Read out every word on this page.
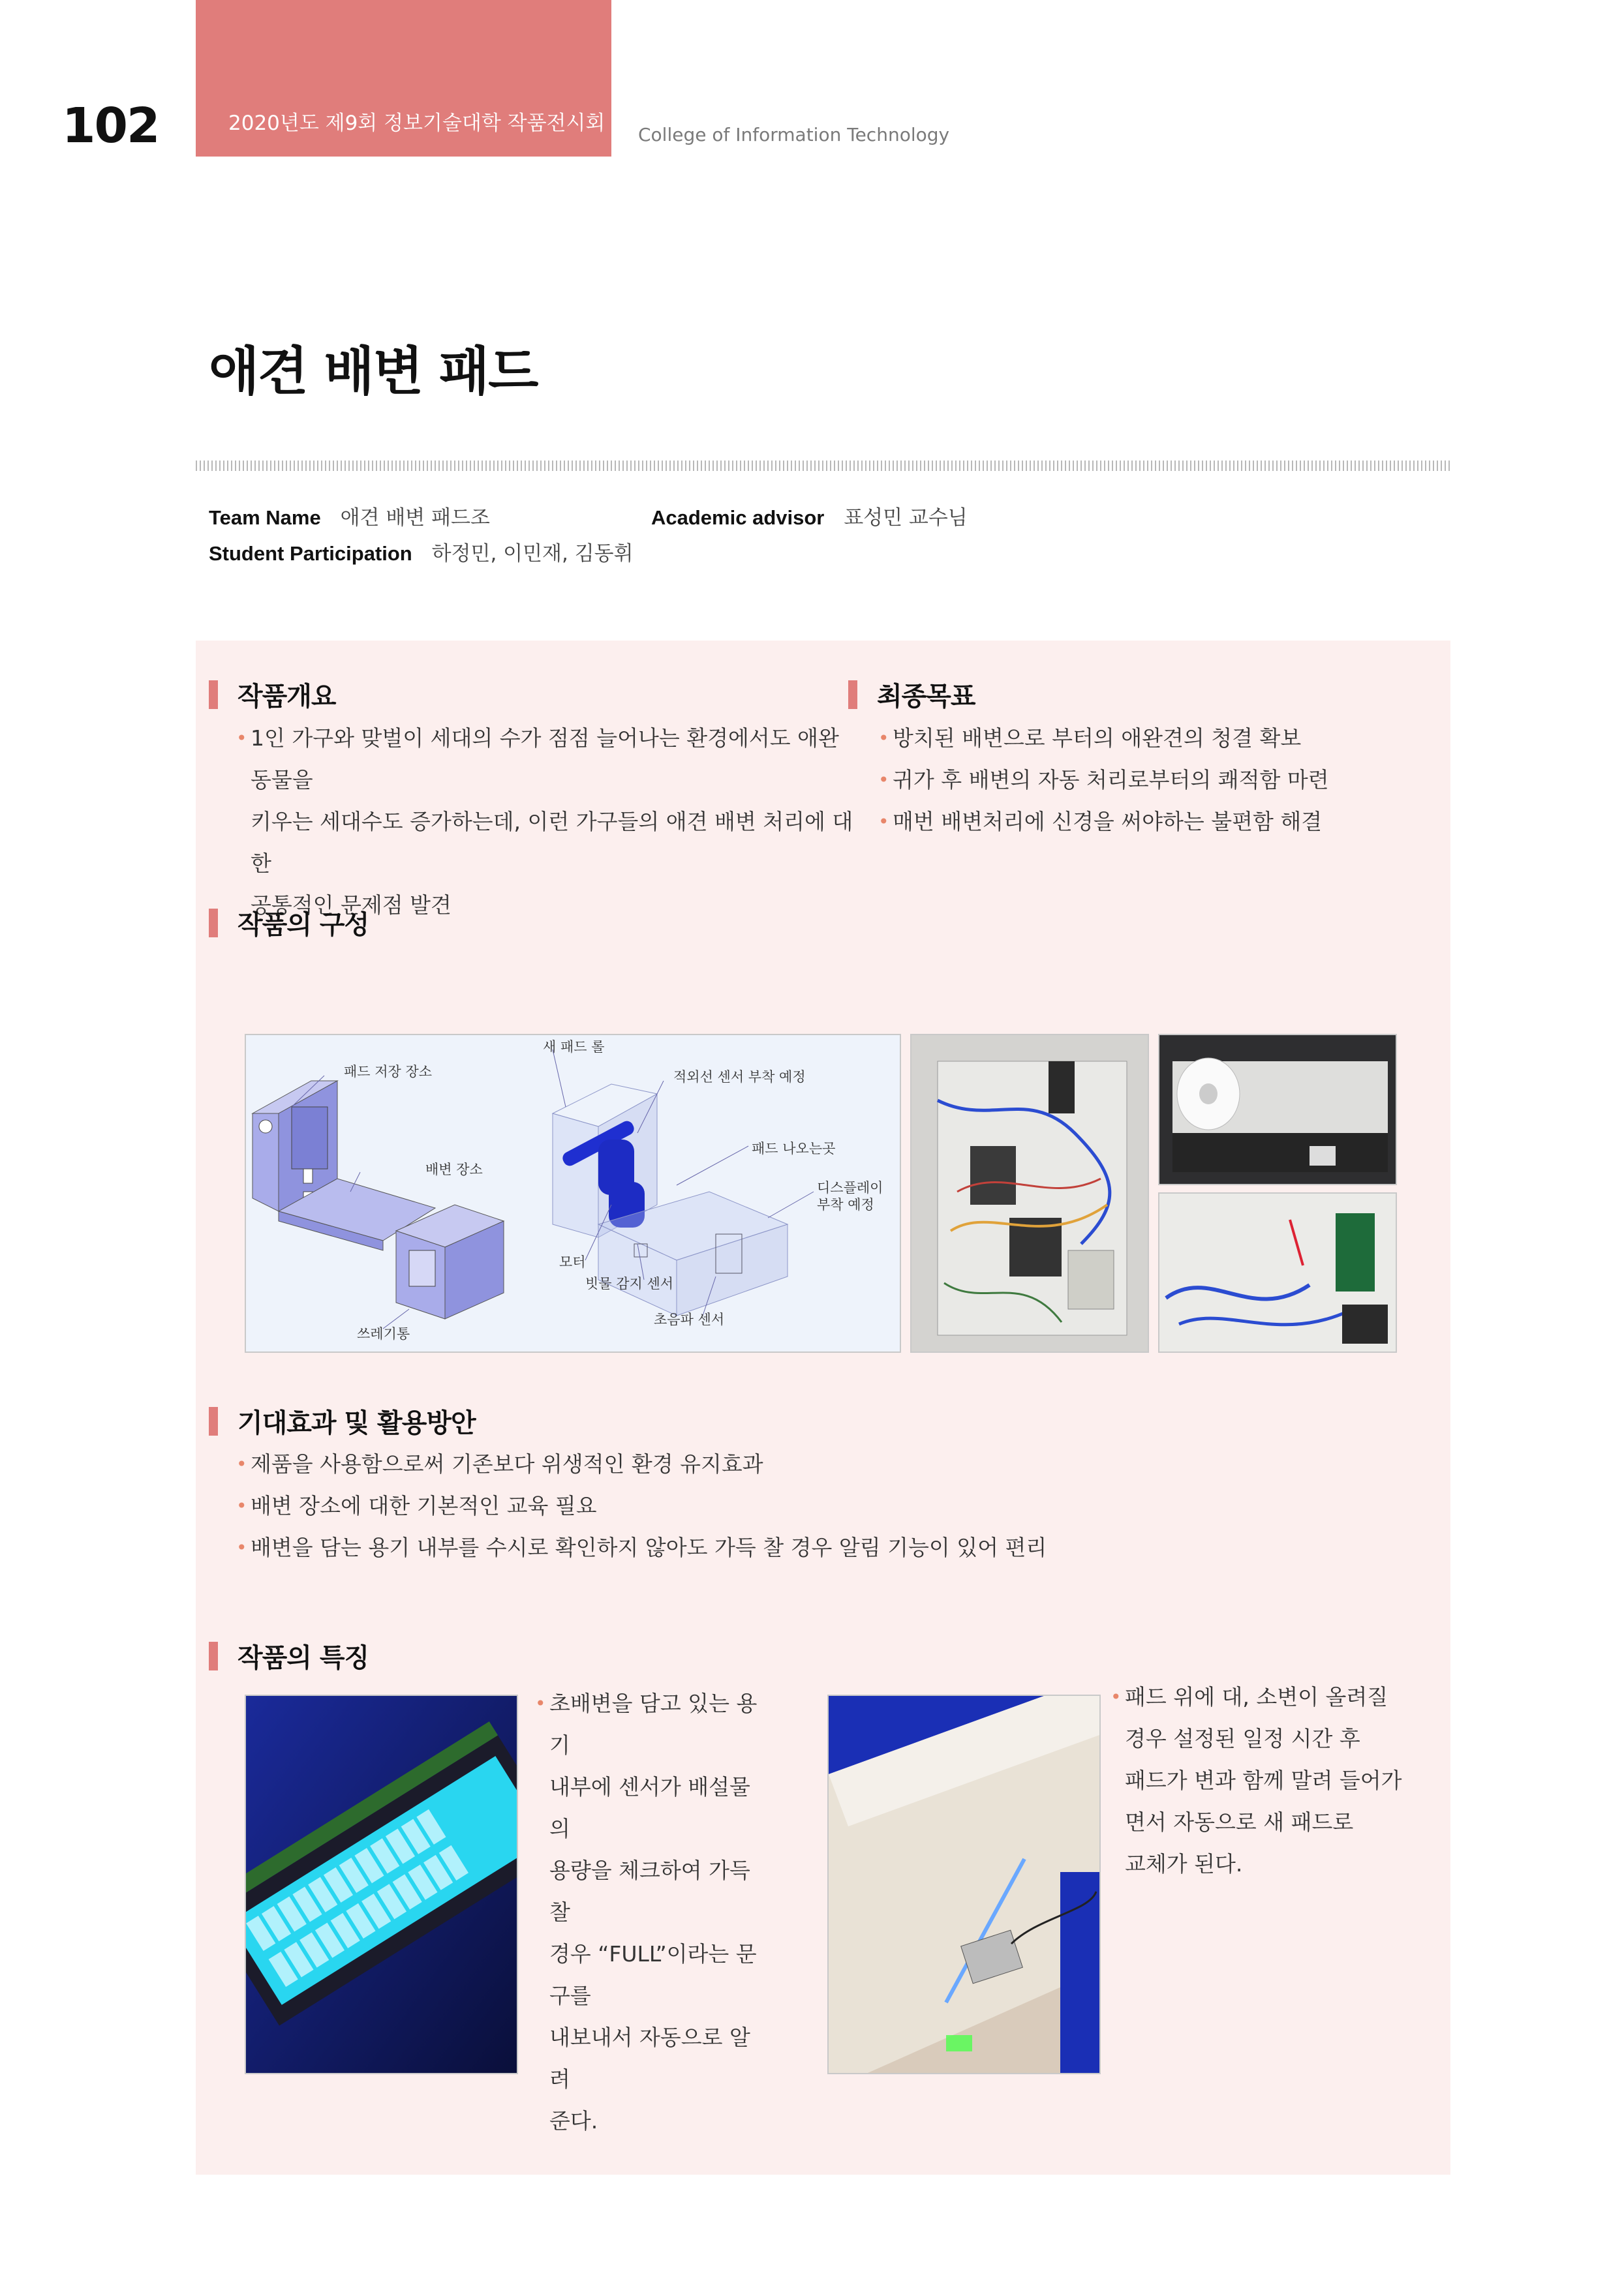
102	2020년도 제9회 정보기술대학 작품전시회 College of Information Technology
애견 배변 패드
Team Name 애견 배변 패드조	Academic advisor 표성민 교수님
Student Participation 하정민, 이민재, 김동휘
작품개요
• 1인 가구와 맞벌이 세대의 수가 점점 늘어나는 환경에서도 애완동물을
키우는 세대수도 증가하는데, 이런 가구들의 애견 배변 처리에 대한
공통적인 문제점 발견
최종목표
• 방치된 배변으로 부터의 애완견의 청결 확보
• 귀가 후 배변의 자동 처리로부터의 쾌적함 마련
• 매번 배변처리에 신경을 써야하는 불편함 해결
작품의 구성
새 패드 롤
패드 저장 장소	적외선 센서 부착 예정
패드 나오는곳
배변 장소
디스플레이
부착 예정
모터
빗물 감지 센서
초음파 센서
쓰레기통
기대효과 및 활용방안
• 제품을 사용함으로써 기존보다 위생적인 환경 유지효과
• 배변 장소에 대한 기본적인 교육 필요
• 배변을 담는 용기 내부를 수시로 확인하지 않아도 가득 찰 경우 알림 기능이 있어 편리
작품의 특징
• 초배변을 담고 있는 용기
내부에 센서가 배설물의
용량을 체크하여 가득 찰
경우 “FULL”이라는 문구를
내보내서 자동으로 알려
준다.
• 패드 위에 대, 소변이 올려질
경우 설정된 일정 시간 후
패드가 변과 함께 말려 들어가
면서 자동으로 새 패드로
교체가 된다.
